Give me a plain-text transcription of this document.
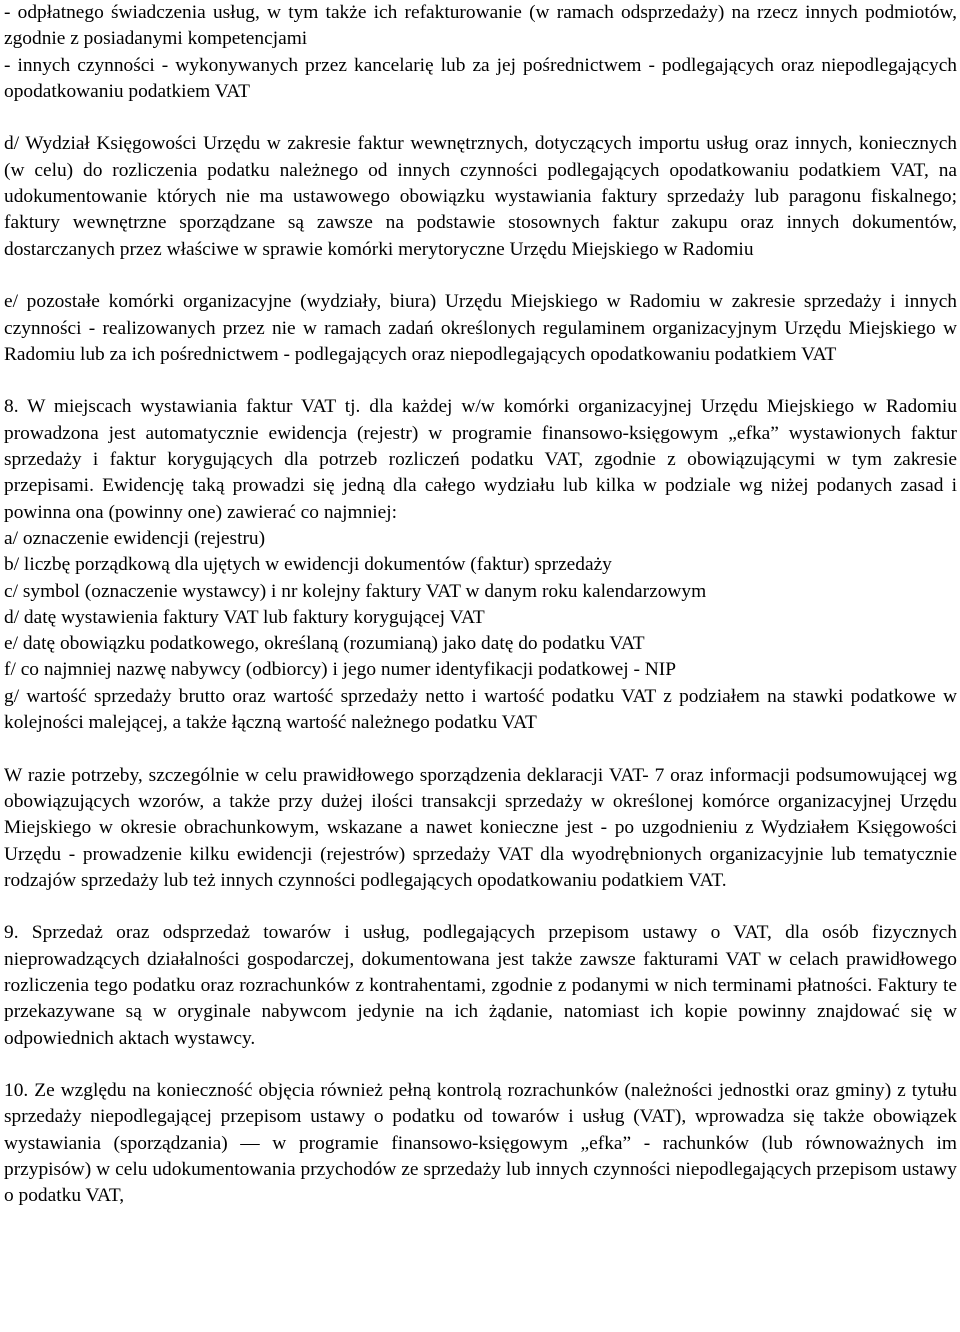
- odpłatnego świadczenia usług, w tym także ich refakturowanie (w ramach odsprzedaży) na rzecz innych podmiotów, zgodnie z posiadanymi kompetencjami

- innych czynności - wykonywanych przez kancelarię lub za jej pośrednictwem - podlegających oraz niepodlegających opodatkowaniu podatkiem VAT

d/ Wydział Księgowości Urzędu w zakresie faktur wewnętrznych, dotyczących importu usług oraz innych, koniecznych (w celu) do rozliczenia podatku należnego od innych czynności podlegających opodatkowaniu podatkiem VAT, na udokumentowanie których nie ma ustawowego obowiązku wystawiania faktury sprzedaży lub paragonu fiskalnego; faktury wewnętrzne sporządzane są zawsze na podstawie stosownych faktur zakupu oraz innych dokumentów, dostarczanych przez właściwe w sprawie komórki merytoryczne Urzędu Miejskiego w Radomiu

e/ pozostałe komórki organizacyjne (wydziały, biura) Urzędu Miejskiego w Radomiu w zakresie sprzedaży i innych czynności - realizowanych przez nie w ramach zadań określonych regulaminem organizacyjnym Urzędu Miejskiego w Radomiu lub za ich pośrednictwem - podlegających oraz niepodlegających opodatkowaniu podatkiem VAT

8. W miejscach wystawiania faktur VAT tj. dla każdej w/w komórki organizacyjnej Urzędu Miejskiego w Radomiu prowadzona jest automatycznie ewidencja (rejestr) w programie finansowo-księgowym „efka” wystawionych faktur sprzedaży i faktur korygujących dla potrzeb rozliczeń podatku VAT, zgodnie z obowiązującymi w tym zakresie przepisami. Ewidencję taką prowadzi się jedną dla całego wydziału lub kilka w podziale wg niżej podanych zasad i powinna ona (powinny one) zawierać co najmniej:

a/ oznaczenie ewidencji (rejestru)

b/ liczbę porządkową dla ujętych w ewidencji dokumentów (faktur) sprzedaży

c/ symbol (oznaczenie wystawcy) i nr kolejny faktury VAT w danym roku kalendarzowym

d/ datę wystawienia faktury VAT lub faktury korygującej VAT

e/ datę obowiązku podatkowego, określaną (rozumianą) jako datę do podatku VAT

f/ co najmniej nazwę nabywcy (odbiorcy) i jego numer identyfikacji podatkowej - NIP

g/ wartość sprzedaży brutto oraz wartość sprzedaży netto i wartość podatku VAT z podziałem na stawki podatkowe w kolejności malejącej, a także łączną wartość należnego podatku VAT

W razie potrzeby, szczególnie w celu prawidłowego sporządzenia deklaracji VAT- 7 oraz informacji podsumowującej wg obowiązujących wzorów, a także przy dużej ilości transakcji sprzedaży w określonej komórce organizacyjnej Urzędu Miejskiego w okresie obrachunkowym, wskazane a nawet konieczne jest - po uzgodnieniu z Wydziałem Księgowości Urzędu - prowadzenie kilku ewidencji (rejestrów) sprzedaży VAT dla wyodrębnionych organizacyjnie lub tematycznie rodzajów sprzedaży lub też innych czynności podlegających opodatkowaniu podatkiem VAT.

9. Sprzedaż oraz odsprzedaż towarów i usług, podlegających przepisom ustawy o VAT, dla osób fizycznych nieprowadzących działalności gospodarczej, dokumentowana jest także zawsze fakturami VAT w celach prawidłowego rozliczenia tego podatku oraz rozrachunków z kontrahentami, zgodnie z podanymi w nich terminami płatności. Faktury te przekazywane są w oryginale nabywcom jedynie na ich żądanie, natomiast ich kopie powinny znajdować się w odpowiednich aktach wystawcy.

10. Ze względu na konieczność objęcia również pełną kontrolą rozrachunków (należności jednostki oraz gminy) z tytułu sprzedaży niepodlegającej przepisom ustawy o podatku od towarów i usług (VAT), wprowadza się także obowiązek wystawiania (sporządzania) — w programie finansowo-księgowym „efka” - rachunków (lub równoważnych im przypisów) w celu udokumentowania przychodów ze sprzedaży lub innych czynności niepodlegających przepisom ustawy o podatku VAT,
